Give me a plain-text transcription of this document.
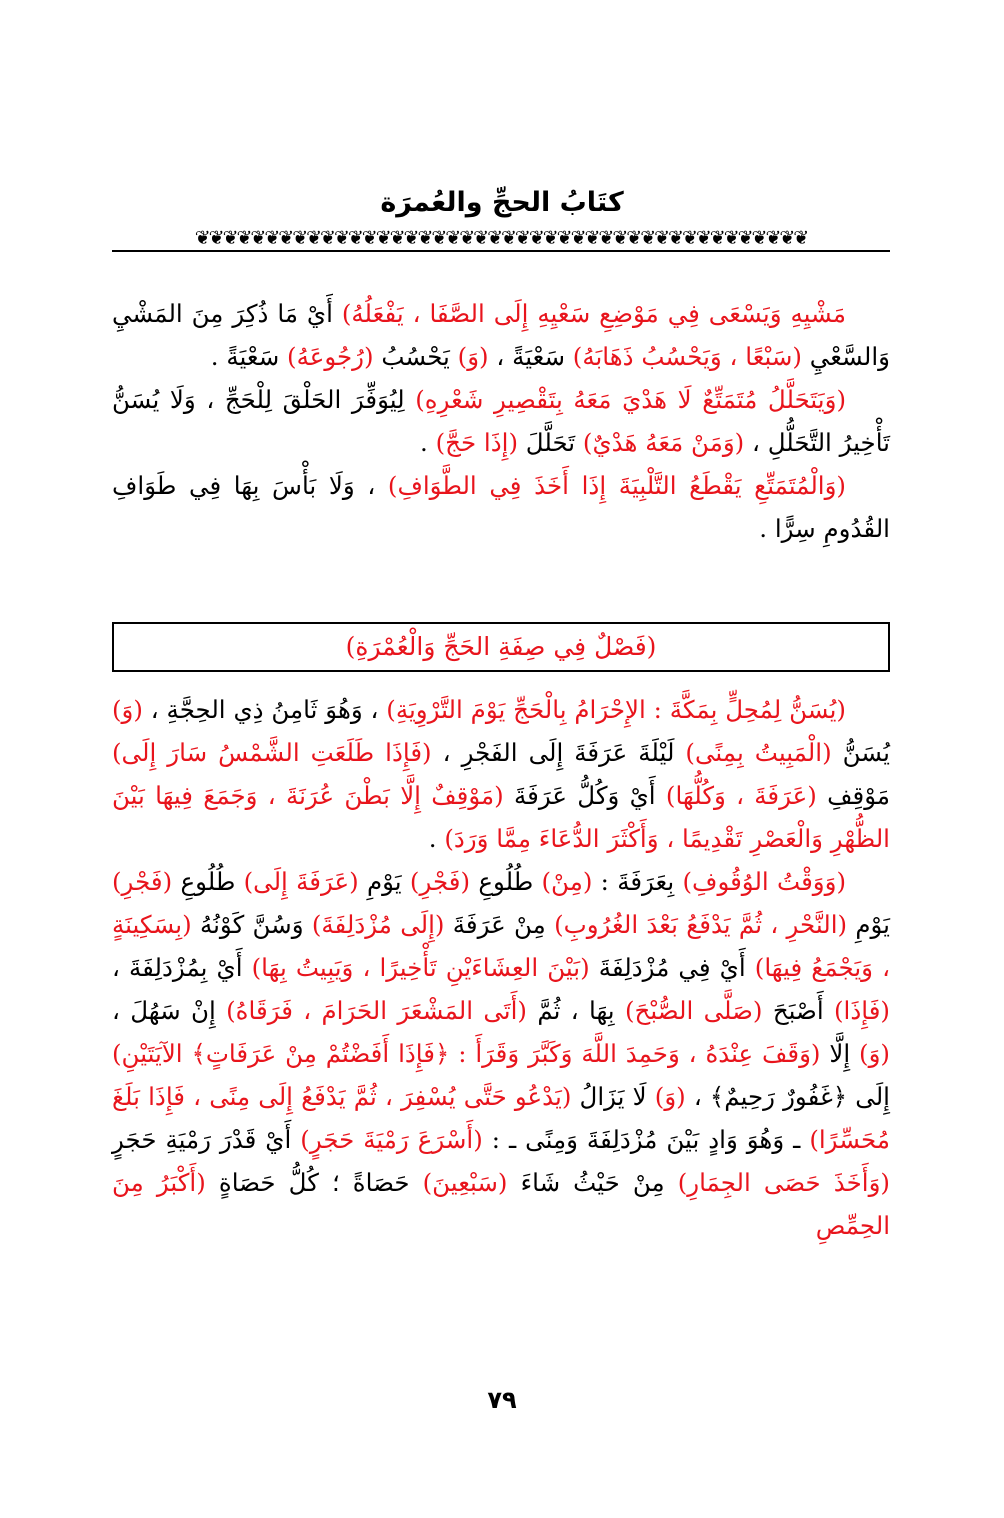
كتَابُ الحجِّ والعُمرَة
❦❦❦❦❦❦❦❦❦❦❦❦❦❦❦❦❦❦❦❦❦❦❦❦❦❦❦❦❦❦❦❦❦❦❦❦❦❦❦❦❦❦❦❦

مَشْيِهِ وَيَسْعَى فِي مَوْضِعِ سَعْيِهِ إِلَى الصَّفَا ، يَفْعَلُهُ) أَيْ مَا ذُكِرَ مِنَ المَشْيِ وَالسَّعْيِ (سَبْعًا ، وَيَحْسُبُ ذَهَابَهُ) سَعْيَةً ، (وَ) يَحْسُبُ (رُجُوعَهُ) سَعْيَةً .

(وَيَتَحَلَّلُ مُتَمَتِّعٌ لَا هَدْيَ مَعَهُ بِتَقْصِيرِ شَعْرِهِ) لِيُوَفِّرَ الحَلْقَ لِلْحَجِّ ، وَلَا يُسَنُّ تَأْخِيرُ التَّحَلُّلِ ، (وَمَنْ مَعَهُ هَدْيٌ) تَحَلَّلَ (إِذَا حَجَّ) .

(وَالْمُتَمَتِّعِ يَقْطَعُ التَّلْبِيَةَ إِذَا أَخَذَ فِي الطَّوَافِ) ، وَلَا بَأْسَ بِهَا فِي طَوَافِ القُدُومِ سِرًّا .

(فَصْلٌ فِي صِفَةِ الحَجِّ وَالْعُمْرَةِ)

(يُسَنُّ لِمُحِلٍّ بِمَكَّةَ : الإِحْرَامُ بِالْحَجِّ يَوْمَ التَّرْوِيَةِ) ، وَهُوَ ثَامِنُ ذِي الحِجَّةِ ، (وَ) يُسَنُّ (الْمَبِيتُ بِمِنًى) لَيْلَةَ عَرَفَةَ إِلَى الفَجْرِ ، (فَإِذَا طَلَعَتِ الشَّمْسُ سَارَ إِلَى) مَوْقِفِ (عَرَفَةَ ، وَكُلُّهَا) أَيْ وَكُلُّ عَرَفَةَ (مَوْقِفٌ إِلَّا بَطْنَ عُرَنَةَ ، وَجَمَعَ فِيهَا بَيْنَ الظُّهْرِ وَالْعَصْرِ تَقْدِيمًا ، وَأَكْثَرَ الدُّعَاءَ مِمَّا وَرَدَ) .

(وَوَقْتُ الوُقُوفِ) بِعَرَفَةَ : (مِنْ) طُلُوعِ (فَجْرِ) يَوْمِ (عَرَفَةَ إِلَى) طُلُوعِ (فَجْرِ) يَوْمِ (النَّحْرِ ، ثُمَّ يَدْفَعُ بَعْدَ الغُرُوبِ) مِنْ عَرَفَةَ (إِلَى مُزْدَلِفَةَ) وَسُنَّ كَوْنُهُ (بِسَكِينَةٍ ، وَيَجْمَعُ فِيهَا) أَيْ فِي مُزْدَلِفَةَ (بَيْنَ العِشَاءَيْنِ تَأْخِيرًا ، وَيَبِيتُ بِهَا) أَيْ بِمُزْدَلِفَةَ ، (فَإِذَا) أَصْبَحَ (صَلَّى الصُّبْحَ) بِهَا ، ثُمَّ (أَتَى المَشْعَرَ الحَرَامَ ، فَرَقَاهُ) إِنْ سَهُلَ ، (وَ) إِلَّا (وَقَفَ عِنْدَهُ ، وَحَمِدَ اللَّهَ وَكَبَّرَ وَقَرَأَ : ﴿فَإِذَا أَفَضْتُمْ مِنْ عَرَفَاتٍ﴾ الآيَتَيْنِ) إِلَى ﴿غَفُورٌ رَحِيمٌ﴾ ، (وَ) لَا يَزَالُ (يَدْعُو حَتَّى يُسْفِرَ ، ثُمَّ يَدْفَعُ إِلَى مِنًى ، فَإِذَا بَلَغَ مُحَسِّرًا) ـ وَهُوَ وَادٍ بَيْنَ مُزْدَلِفَةَ وَمِنًى ـ : (أَسْرَعَ رَمْيَةَ حَجَرٍ) أَيْ قَدْرَ رَمْيَةِ حَجَرٍ (وَأَخَذَ حَصَى الجِمَارِ) مِنْ حَيْثُ شَاءَ (سَبْعِينَ) حَصَاةً ؛ كُلُّ حَصَاةٍ (أَكْبَرُ مِنَ الحِمِّصِ

٧٩
